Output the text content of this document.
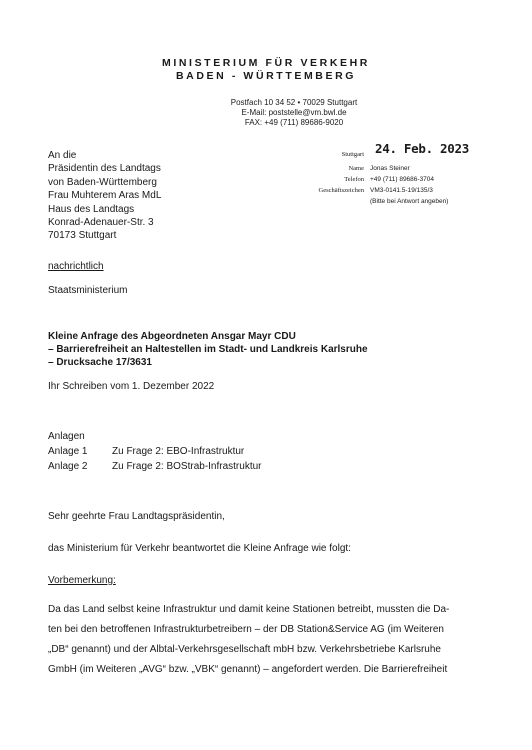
MINISTERIUM FÜR VERKEHR
BADEN - WÜRTTEMBERG
Postfach 10 34 52 • 70029 Stuttgart
E-Mail: poststelle@vm.bwl.de
FAX: +49 (711) 89686-9020
An die
Präsidentin des Landtags
von Baden-Württemberg
Frau Muhterem Aras MdL
Haus des Landtags
Konrad-Adenauer-Str. 3
70173 Stuttgart
Stuttgart 24. Feb. 2023
Name Jonas Steiner
Telefon +49 (711) 89686-3704
Geschäftszeichen VM3-0141.5-19/135/3
(Bitte bei Antwort angeben)
nachrichtlich
Staatsministerium
Kleine Anfrage des Abgeordneten Ansgar Mayr CDU
– Barrierefreiheit an Haltestellen im Stadt- und Landkreis Karlsruhe
– Drucksache 17/3631
Ihr Schreiben vom 1. Dezember 2022
Anlagen
Anlage 1 Zu Frage 2: EBO-Infrastruktur
Anlage 2 Zu Frage 2: BOStrab-Infrastruktur
Sehr geehrte Frau Landtagspräsidentin,
das Ministerium für Verkehr beantwortet die Kleine Anfrage wie folgt:
Vorbemerkung:
Da das Land selbst keine Infrastruktur und damit keine Stationen betreibt, mussten die Da-
ten bei den betroffenen Infrastrukturbetreibern – der DB Station&Service AG (im Weiteren
„DB“ genannt) und der Albtal-Verkehrsgesellschaft mbH bzw. Verkehrsbetriebe Karlsruhe
GmbH (im Weiteren „AVG“ bzw. „VBK“ genannt) – angefordert werden. Die Barrierefreiheit
